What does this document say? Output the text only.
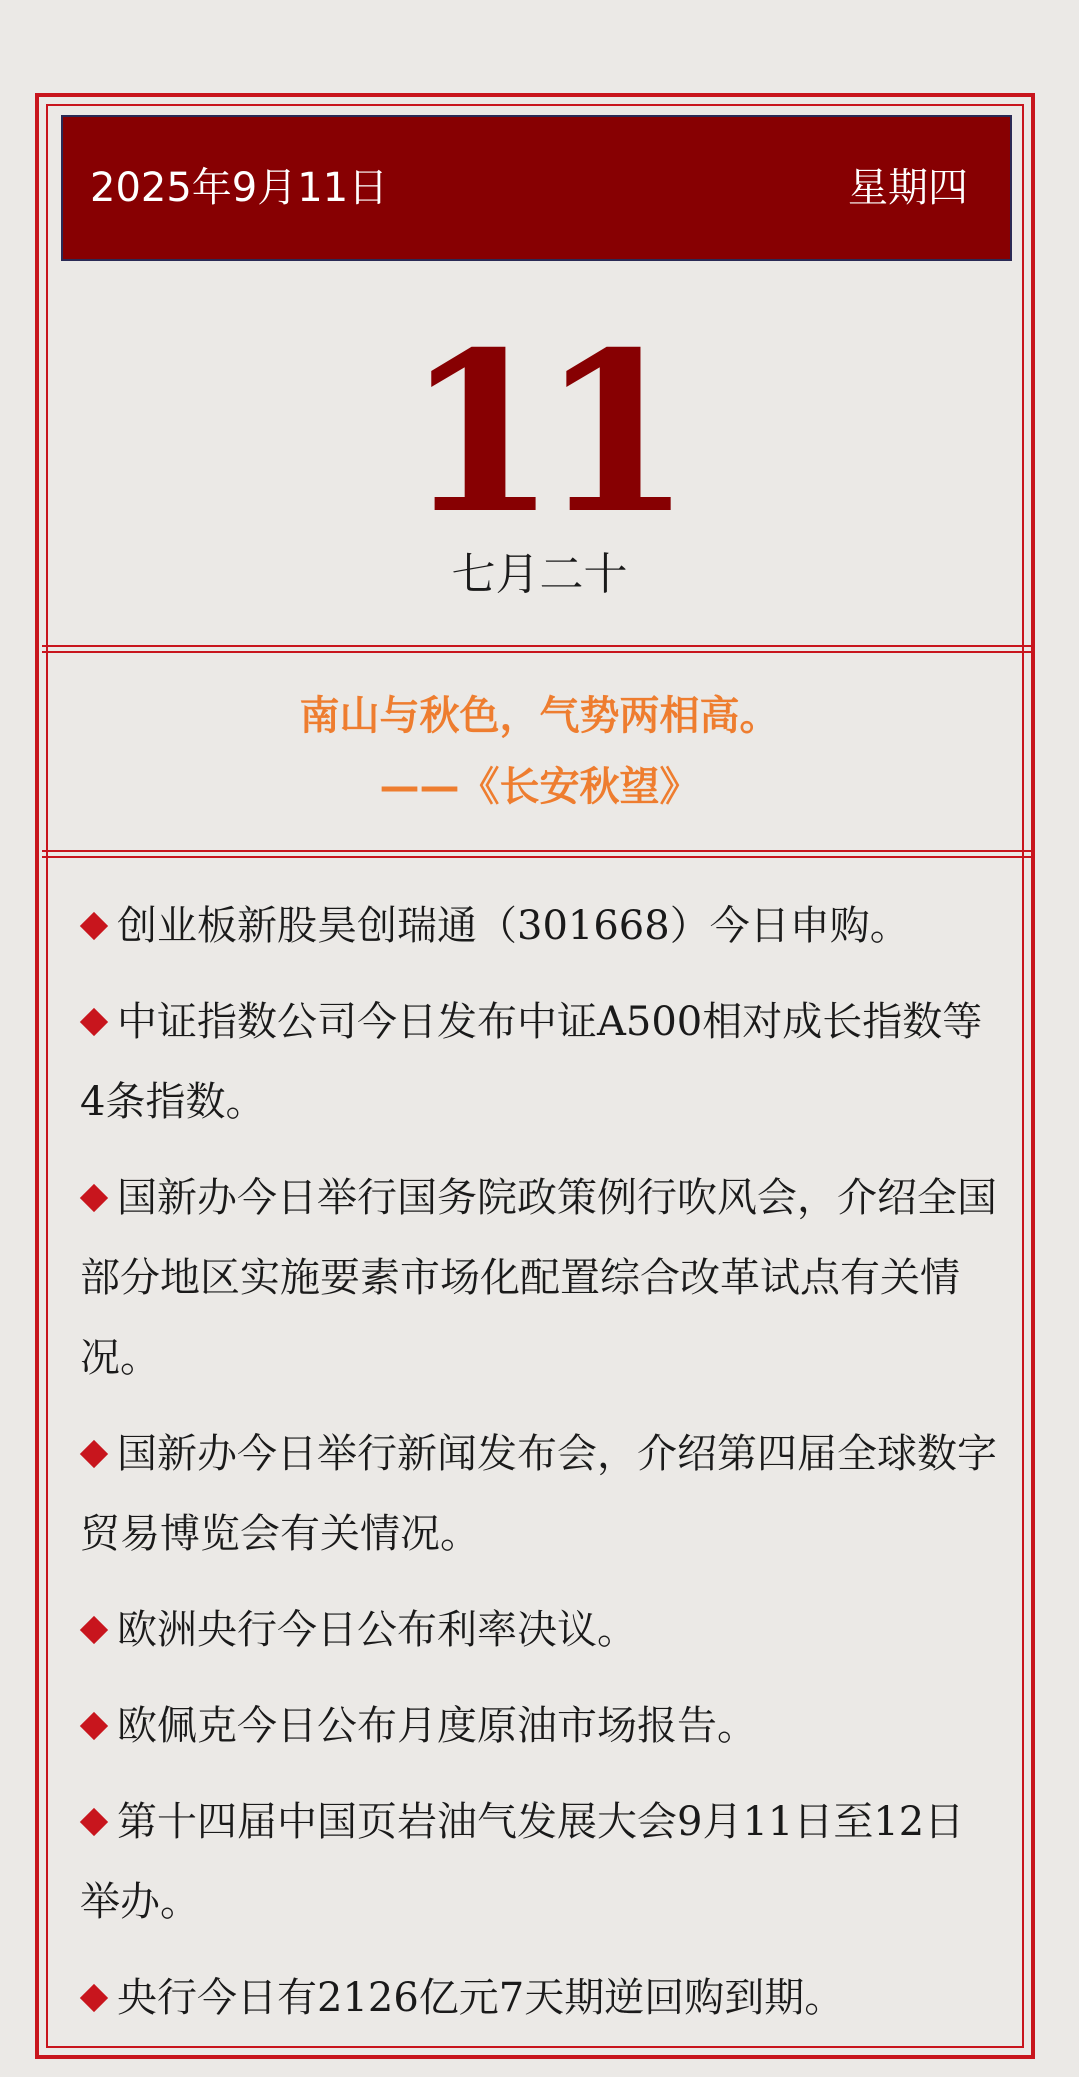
2025年9月11日	星期四
11
七月二十
南山与秋色，气势两相高。
——《长安秋望》
创业板新股昊创瑞通（301668）今日申购。
中证指数公司今日发布中证A500相对成长指数等4条指数。
国新办今日举行国务院政策例行吹风会，介绍全国部分地区实施要素市场化配置综合改革试点有关情况。
国新办今日举行新闻发布会，介绍第四届全球数字贸易博览会有关情况。
欧洲央行今日公布利率决议。
欧佩克今日公布月度原油市场报告。
第十四届中国页岩油气发展大会9月11日至12日举办。
央行今日有2126亿元7天期逆回购到期。
